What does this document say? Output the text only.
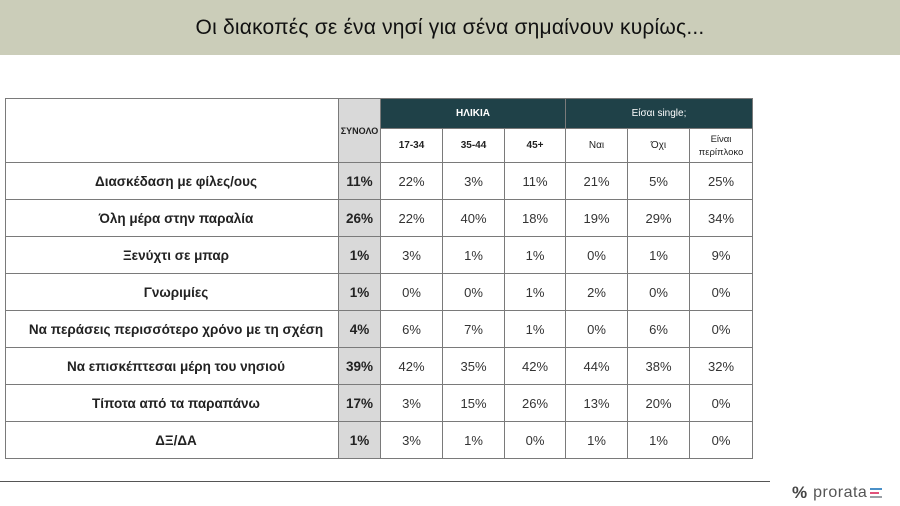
Οι διακοπές σε ένα νησί για σένα σημαίνουν κυρίως...
	ΣΥΝΟΛΟ	ΗΛΙΚΙΑ			Είσαι single;		
		17-34	35-44	45+	Ναι	Όχι	Είναι περίπλοκο
Διασκέδαση με φίλες/ους	11%	22%	3%	11%	21%	5%	25%
Όλη μέρα στην παραλία	26%	22%	40%	18%	19%	29%	34%
Ξενύχτι σε μπαρ	1%	3%	1%	1%	0%	1%	9%
Γνωριμίες	1%	0%	0%	1%	2%	0%	0%
Να περάσεις περισσότερο χρόνο με τη σχέση	4%	6%	7%	1%	0%	6%	0%
Να επισκέπτεσαι μέρη του νησιού	39%	42%	35%	42%	44%	38%	32%
Τίποτα από τα παραπάνω	17%	3%	15%	26%	13%	20%	0%
ΔΞ/ΔΑ	1%	3%	1%	0%	1%	1%	0%
% prorata
